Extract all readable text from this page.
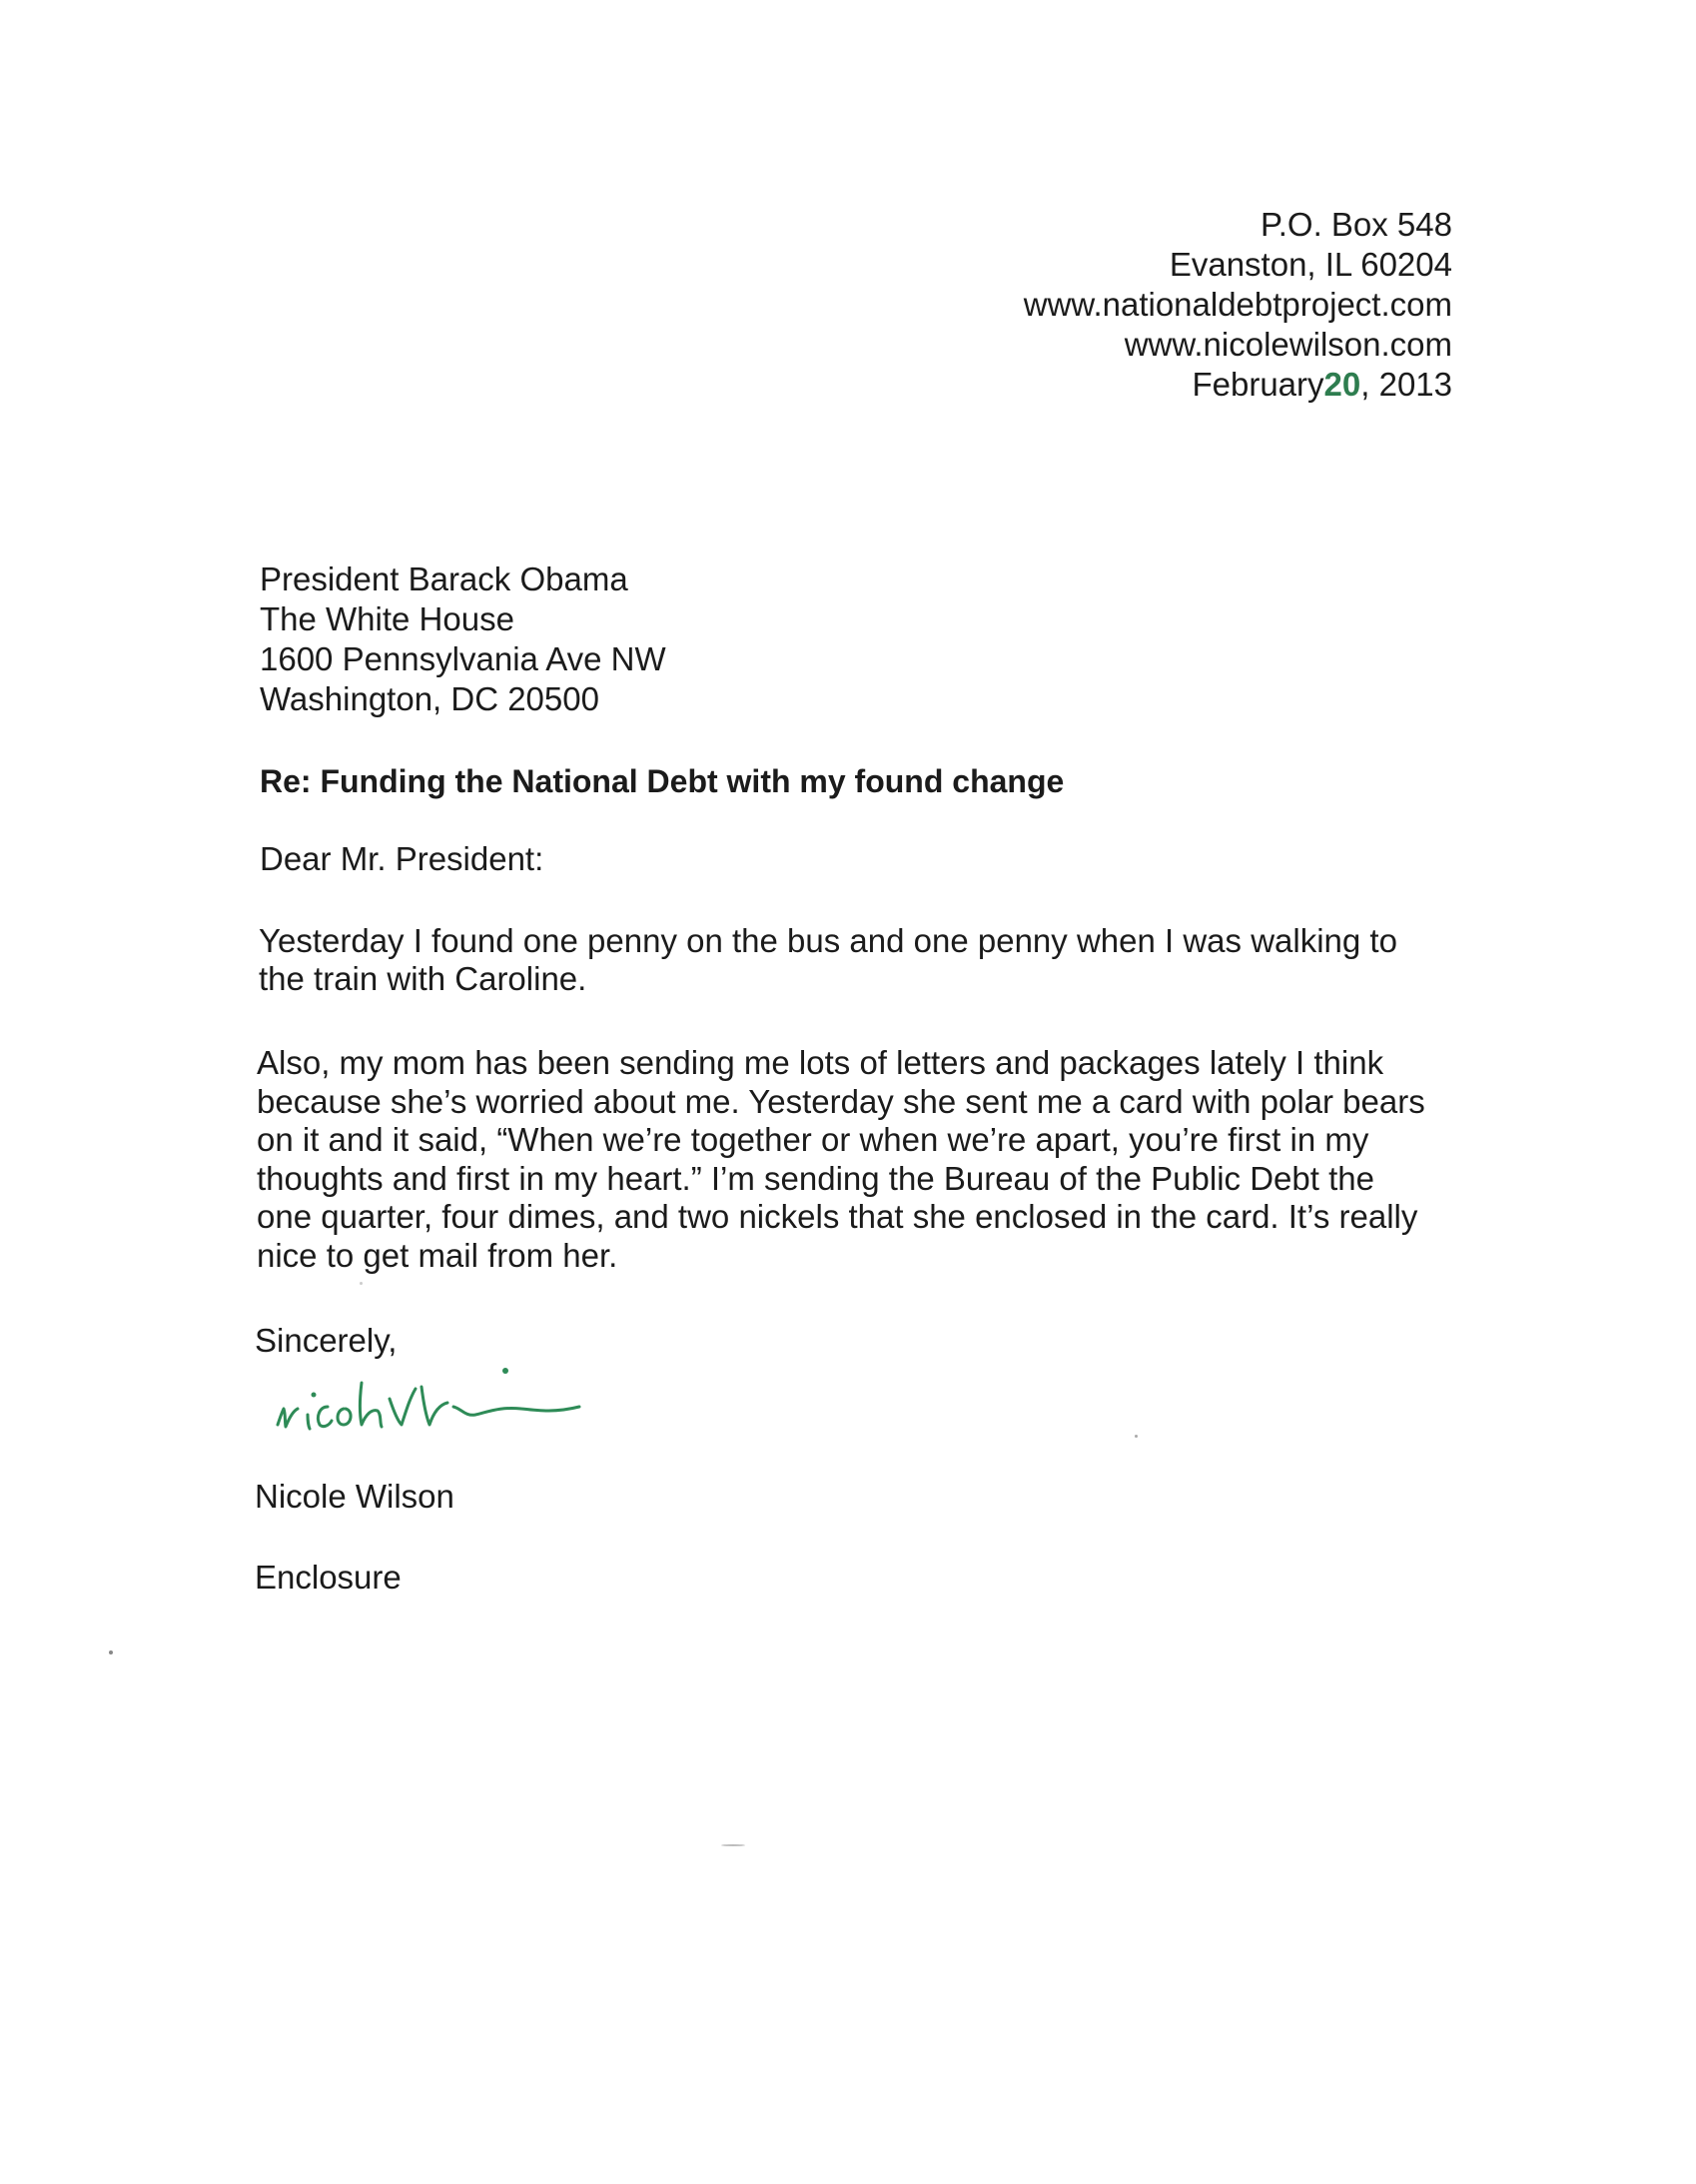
P.O. Box 548
Evanston, IL 60204
www.nationaldebtproject.com
www.nicolewilson.com
February20, 2013
President Barack Obama
The White House
1600 Pennsylvania Ave NW
Washington, DC 20500
Re: Funding the National Debt with my found change
Dear Mr. President:
Yesterday I found one penny on the bus and one penny when I was walking to
the train with Caroline.
Also, my mom has been sending me lots of letters and packages lately I think
because she’s worried about me. Yesterday she sent me a card with polar bears
on it and it said, “When we’re together or when we’re apart, you’re first in my
thoughts and first in my heart.” I’m sending the Bureau of the Public Debt the
one quarter, four dimes, and two nickels that she enclosed in the card. It’s really
nice to get mail from her.
Sincerely,
Nicole Wilson
Enclosure
